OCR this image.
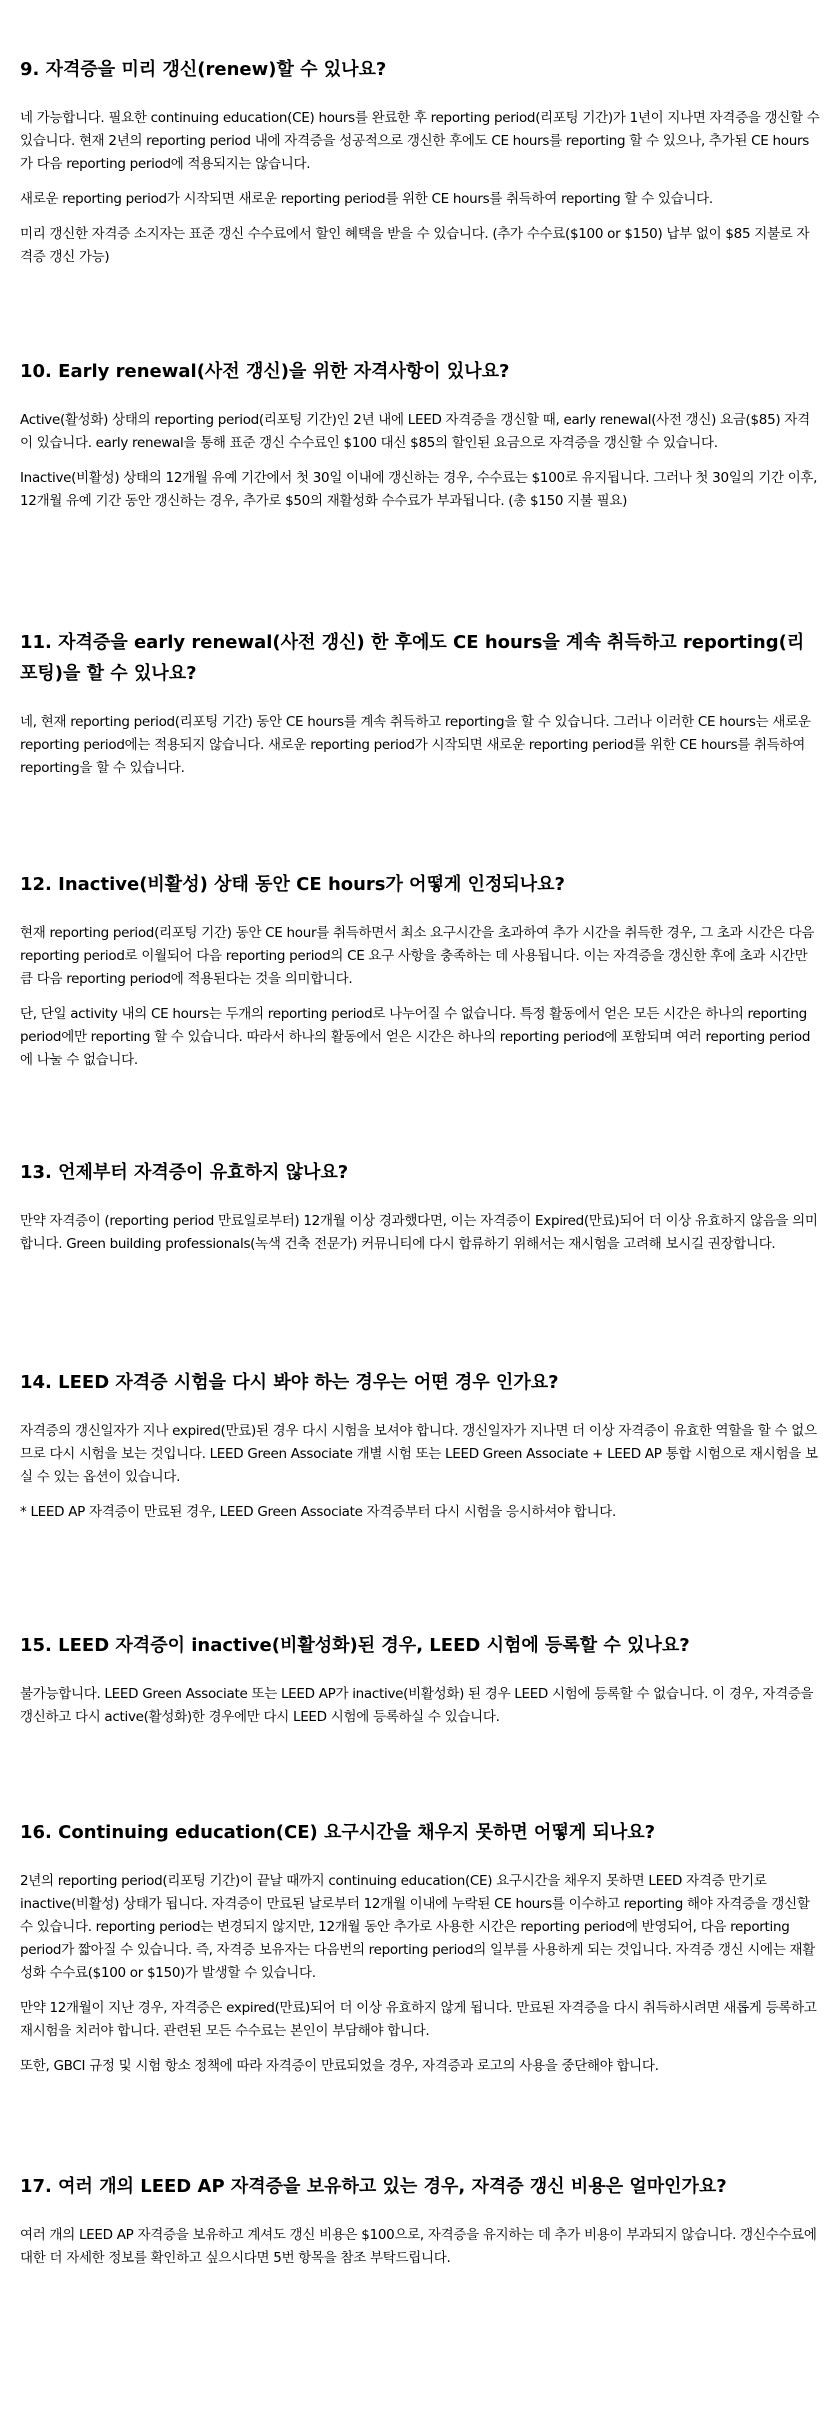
9. 자격증을 미리 갱신(renew)할 수 있나요?

네 가능합니다. 필요한 continuing education(CE) hours를 완료한 후 reporting period(리포팅 기간)가 1년이 지나면 자격증을 갱신할 수 있습니다. 현재 2년의 reporting period 내에 자격증을 성공적으로 갱신한 후에도 CE hours를 reporting 할 수 있으나, 추가된 CE hours가 다음 reporting period에 적용되지는 않습니다.

새로운 reporting period가 시작되면 새로운 reporting period를 위한 CE hours를 취득하여 reporting 할 수 있습니다.

미리 갱신한 자격증 소지자는 표준 갱신 수수료에서 할인 혜택을 받을 수 있습니다. (추가 수수료($100 or $150) 납부 없이 $85 지불로 자격증 갱신 가능)

10. Early renewal(사전 갱신)을 위한 자격사항이 있나요?

Active(활성화) 상태의 reporting period(리포팅 기간)인 2년 내에 LEED 자격증을 갱신할 때, early renewal(사전 갱신) 요금($85) 자격이 있습니다. early renewal을 통해 표준 갱신 수수료인 $100 대신 $85의 할인된 요금으로 자격증을 갱신할 수 있습니다.

Inactive(비활성) 상태의 12개월 유예 기간에서 첫 30일 이내에 갱신하는 경우, 수수료는 $100로 유지됩니다. 그러나 첫 30일의 기간 이후, 12개월 유예 기간 동안 갱신하는 경우, 추가로 $50의 재활성화 수수료가 부과됩니다. (총 $150 지불 필요)

11. 자격증을 early renewal(사전 갱신) 한 후에도 CE hours을 계속 취득하고 reporting(리포팅)을 할 수 있나요?

네, 현재 reporting period(리포팅 기간) 동안 CE hours를 계속 취득하고 reporting을 할 수 있습니다. 그러나 이러한 CE hours는 새로운 reporting period에는 적용되지 않습니다. 새로운 reporting period가 시작되면 새로운 reporting period를 위한 CE hours를 취득하여 reporting을 할 수 있습니다.

12. Inactive(비활성) 상태 동안 CE hours가 어떻게 인정되나요?

현재 reporting period(리포팅 기간) 동안 CE hour를 취득하면서 최소 요구시간을 초과하여 추가 시간을 취득한 경우, 그 초과 시간은 다음 reporting period로 이월되어 다음 reporting period의 CE 요구 사항을 충족하는 데 사용됩니다. 이는 자격증을 갱신한 후에 초과 시간만큼 다음 reporting period에 적용된다는 것을 의미합니다.

단, 단일 activity 내의 CE hours는 두개의 reporting period로 나누어질 수 없습니다. 특정 활동에서 얻은 모든 시간은 하나의 reporting period에만 reporting 할 수 있습니다. 따라서 하나의 활동에서 얻은 시간은 하나의 reporting period에 포함되며 여러 reporting period에 나눌 수 없습니다.

13. 언제부터 자격증이 유효하지 않나요?

만약 자격증이 (reporting period 만료일로부터) 12개월 이상 경과했다면, 이는 자격증이 Expired(만료)되어 더 이상 유효하지 않음을 의미합니다. Green building professionals(녹색 건축 전문가) 커뮤니티에 다시 합류하기 위해서는 재시험을 고려해 보시길 권장합니다.

14. LEED 자격증 시험을 다시 봐야 하는 경우는 어떤 경우 인가요?

자격증의 갱신일자가 지나 expired(만료)된 경우 다시 시험을 보셔야 합니다. 갱신일자가 지나면 더 이상 자격증이 유효한 역할을 할 수 없으므로 다시 시험을 보는 것입니다. LEED Green Associate 개별 시험 또는 LEED Green Associate + LEED AP 통합 시험으로 재시험을 보실 수 있는 옵션이 있습니다.

* LEED AP 자격증이 만료된 경우, LEED Green Associate 자격증부터 다시 시험을 응시하셔야 합니다.

15. LEED 자격증이 inactive(비활성화)된 경우, LEED 시험에 등록할 수 있나요?

불가능합니다. LEED Green Associate 또는 LEED AP가 inactive(비활성화) 된 경우 LEED 시험에 등록할 수 없습니다. 이 경우, 자격증을 갱신하고 다시 active(활성화)한 경우에만 다시 LEED 시험에 등록하실 수 있습니다.

16. Continuing education(CE) 요구시간을 채우지 못하면 어떻게 되나요?

2년의 reporting period(리포팅 기간)이 끝날 때까지 continuing education(CE) 요구시간을 채우지 못하면 LEED 자격증 만기로 inactive(비활성) 상태가 됩니다. 자격증이 만료된 날로부터 12개월 이내에 누락된 CE hours를 이수하고 reporting 해야 자격증을 갱신할 수 있습니다. reporting period는 변경되지 않지만, 12개월 동안 추가로 사용한 시간은 reporting period에 반영되어, 다음 reporting period가 짧아질 수 있습니다. 즉, 자격증 보유자는 다음번의 reporting period의 일부를 사용하게 되는 것입니다. 자격증 갱신 시에는 재활성화 수수료($100 or $150)가 발생할 수 있습니다.

만약 12개월이 지난 경우, 자격증은 expired(만료)되어 더 이상 유효하지 않게 됩니다. 만료된 자격증을 다시 취득하시려면 새롭게 등록하고 재시험을 치러야 합니다. 관련된 모든 수수료는 본인이 부담해야 합니다.

또한, GBCI 규정 및 시험 항소 정책에 따라 자격증이 만료되었을 경우, 자격증과 로고의 사용을 중단해야 합니다.

17. 여러 개의 LEED AP 자격증을 보유하고 있는 경우, 자격증 갱신 비용은 얼마인가요?

여러 개의 LEED AP 자격증을 보유하고 계셔도 갱신 비용은 $100으로, 자격증을 유지하는 데 추가 비용이 부과되지 않습니다. 갱신수수료에 대한 더 자세한 정보를 확인하고 싶으시다면 5번 항목을 참조 부탁드립니다.
